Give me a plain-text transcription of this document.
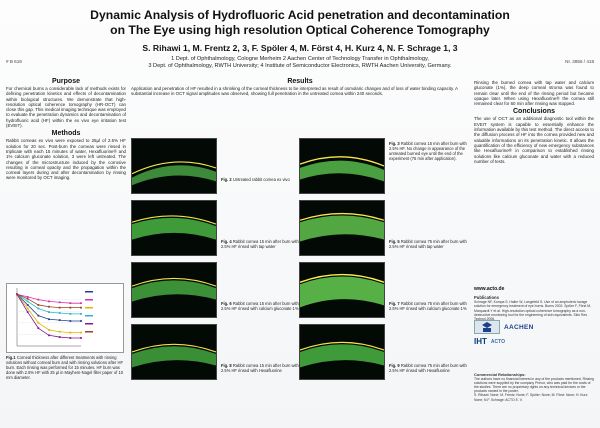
Dynamic Analysis of Hydrofluoric Acid penetration and decontamination
on The Eye using high resolution Optical Coherence Tomography
S. Rihawi 1, M. Frentz 2, 3, F. Spöler 4, M. Först 4, H. Kurz 4, N. F. Schrage 1, 3
1 Dept. of Ophthalmology, Cologne Merheim 2 Aachen Center of Technology Transfer in Ophthalmology,
3 Dept. of Ophthalmology, RWTH University; 4 Institute of Semiconductor Electronics, RWTH Aachen University, Germany.
# B 619	Nr. 3856 / 418
Purpose

For chemical burns a considerable lack of methods exists for defining penetration kinetics and effects of decontamination within biological structures. We demonstrate that high-resolution optical coherence tomography (HR-OCT) can close this gap. This medical imaging technique was employed to evaluate the penetration dynamics and decontamination of hydrofluoric acid (HF) within the ex vivo eye irritation test (EVEIT).

Methods

Rabbit corneas ex vivo were exposed to 25µl of 2.5% HF solution for 20 sec. Post-burn the corneas were rinsed in triplicate with each 15 minutes of water, Hexafluorine® and 1% calcium gluconate solution, 3 were left untreated. The changes of the microstructure induced by the corrosive resulting in corneal opacity and the propagation within the corneal layers during and after decontamination by rinsing were monitored by OCT imaging.

Fig.1 Corneal thickness after different treatments with rinsing solutions without corneal burn and with rinsing solutions after HF burn. Each rinsing was performed for 15 minutes. HF burn was done with 2.5% HF with 25 µl in Mayhem-Nagel filter paper of 10 mm diameter.
Results

Application and penetration of HF resulted in a shrinking of the corneal thickness to be interpreted as result of osmolaric changes and of loss of water binding capacity. A substantial increase in OCT signal amplitudes was observed, showing full penetration in the untreated cornea within 240 seconds.

Fig. 2 Untreated rabbit cornea ex vivo
Fig. 3 Rabbit cornea 15 min after burn with 2.5% HF. No change in appearance of the untreated burned eye until the end of the experiment (75 min after application).
Fig. 4 Rabbit cornea 15 min after burn with 2.5% HF rinsed with tap water
Fig. 5 Rabbit cornea 75 min after burn with 2.5% HF rinsed with tap water
Fig. 6 Rabbit cornea 15 min after burn with 2.5% HF rinsed with calcium gluconate 1%
Fig. 7 Rabbit cornea 75 min after burn with 2.5% HF rinsed with calcium gluconate 1%
Fig. 8 Rabbit cornea 15 min after burn with 2.5% HF rinsed with Hexafluorine
Fig. 9 Rabbit cornea 75 min after burn with 2.5% HF rinsed with Hexafluorine

Rinsing the burned cornea with tap water and calcium gluconate (1%), the deep corneal stroma was found to remain clear until the end of the rinsing period but became opaque later. When using Hexafluorine® the cornea still remained clear for 60 min after rinsing was stopped.

Conclusions

The use of OCT as an additional diagnostic tool within the EVEIT system is capable to essentially enhance the information available by this test method. The direct access to the diffusion process of HF into the cornea provided new and valuable informations on its penetration kinetic. It allows the quantification of the efficiency of new emergency substances like Hexafluorine® in comparison to established rinsing solutions like calcium gluconate and water with a reduced number of tests.

www.acto.de
Publications
Schrage NF, Kompa S, Haller W, Langefeld S. Use of an amphoteric lavage solution for emergency treatment of eye burns. Burns 2002. Spöler F, Först M, Marquardt Y et al. High-resolution optical coherence tomography as a non-destructive monitoring tool for the engineering of skin equivalents. Skin Res
AACHEN
IHT ACTO
Commercial Relationships:
The authors have no financial interest in any of the products mentioned. Rinsing solutions were supplied by the company Prevor, who was paid for the costs of the studies. There are no proprietary rights on any technical devices or the products named in the poster.
S. Rihawi: None; M. Frentz: None; F. Spöler: None; M. Först: None; H. Kurz: None; N.F. Schrage: ACTO E. V.
